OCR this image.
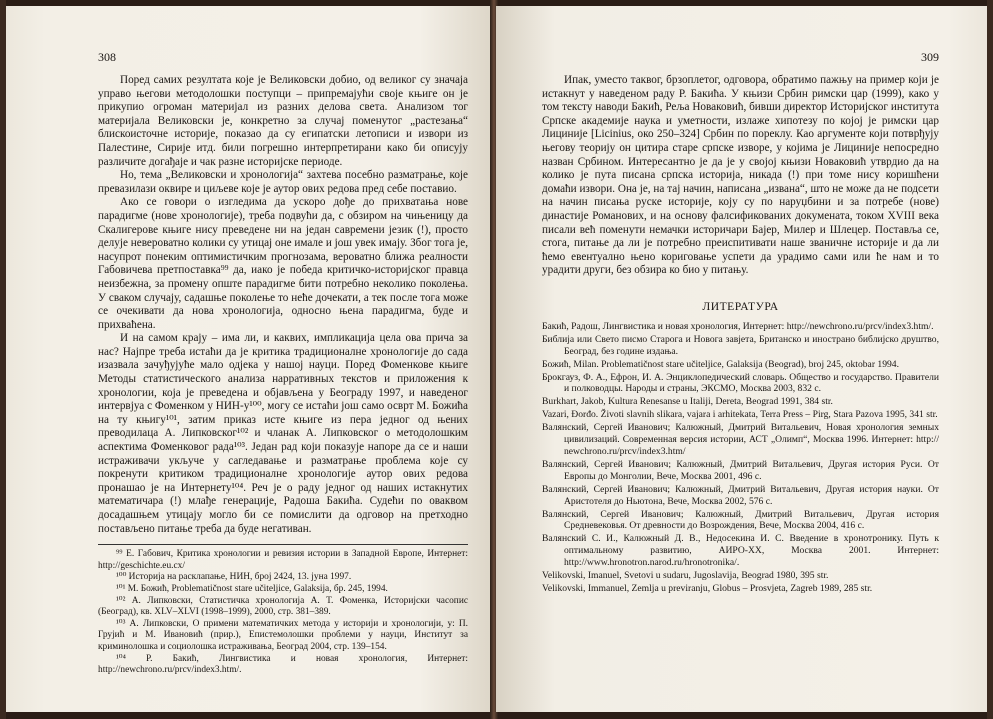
308

Поред самих резултата које је Великовски добио, од великог су значаја управо његови методолошки поступци – припремајући своје књиге он је прикупио огроман материјал из разних делова света. Анализом тог материјала Великовски је, конкретно за случај поменутог „растезања“ блискоисточне историје, показао да су египатски летописи и извори из Палестине, Сирије итд. били погрешно интерпретирани како би описују различите догађаје и чак разне историјске периоде.

Но, тема „Великовски и хронологија“ захтева посебно разматрање, које превазилази оквире и циљеве које је аутор ових редова пред себе поставио.

Ако се говори о изгледима да ускоро дође до прихватања нове парадигме (нове хронологије), треба подвући да, с обзиром на чињеницу да Скалигерове књиге нису преведене ни на један савремени језик (!), просто делује невероватно колики су утицај оне имале и још увек имају. Због тога је, насупрот понеким оптимистичким прогнозама, вероватно ближа реалности Габовичева претпоставка⁹⁹ да, иако је победа критичко-историјског правца неизбежна, за промену опште парадигме бити потребно неколико поколења. У сваком случају, садашње поколење то неће дочекати, а тек после тога може се очекивати да нова хронологија, односно њена парадигма, буде и прихваћена.

И на самом крају – има ли, и каквих, импликација цела ова прича за нас? Најпре треба истаћи да је критика традиционалне хронологије до сада изазвала зачуђујуће мало одјека у нашој науци. Поред Фоменкове књиге Методы статистического анализа нарративных текстов и приложения к хронологии, која је преведена и објављена у Београду 1997, и наведеног интервјуа с Фоменком у НИН-у¹⁰⁰, могу се истаћи још само осврт М. Божића на ту књигу¹⁰¹, затим приказ исте књиге из пера једног од њених преводилаца А. Липковског¹⁰² и чланак А. Липковског о методолошким аспектима Фоменковог рада¹⁰³. Један рад који показује напоре да се и наши истраживачи укључе у сагледавање и разматрање проблема које су покренути критиком традиционалне хронологије аутор ових редова пронашао је на Интернету¹⁰⁴. Реч је о раду једног од наших истакнутих математичара (!) млађе генерације, Радоша Бакића. Судећи по оваквом досадашњем утицају могло би се помислити да одговор на претходно постављено питање треба да буде негативан.

⁹⁹ Е. Габович, Критика хронологии и ревизия истории в Западной Европе, Интернет: http://geschichte.eu.cx/

¹⁰⁰ Историја на расклапање, НИН, број 2424, 13. јуна 1997.

¹⁰¹ М. Божић, Problematičnost stare učiteljice, Galaksija, бр. 245, 1994.

¹⁰² А. Липковски, Статистичка хронологија А. Т. Фоменка, Историјски часопис (Београд), кв. XLV–XLVI (1998–1999), 2000, стр. 381–389.

¹⁰³ А. Липковски, О примени математичких метода у историји и хронологији, у: П. Грујић и М. Ивановић (прир.), Епистемолошки проблеми у науци, Институт за криминолошка и социолошка истраживања, Београд 2004, стр. 139–154.

¹⁰⁴ Р. Бакић, Лингвистика и новая хронология, Интернет: http://newchrono.ru/prcv/index3.htm/.

309

Ипак, уместо таквог, брзоплетог, одговора, обратимо пажњу на пример који је истакнут у наведеном раду Р. Бакића. У књизи Србин римски цар (1999), како у том тексту наводи Бакић, Реља Новаковић, бивши директор Историјског института Српске академије наука и уметности, излаже хипотезу по којој је римски цар Лициније [Licinius, око 250–324] Србин по пореклу. Као аргументе који потврђују његову теорију он цитира старе српске изворе, у којима је Лициније непосредно назван Србином. Интересантно је да је у својој књизи Новаковић утврдио да на колико је пута писана српска историја, никада (!) при томе нису коришћени домаћи извори. Она је, на тај начин, написана „извана“, што не може да не подсети на начин писања руске историје, коју су по наруџбини и за потребе (нове) династије Романових, и на основу фалсификованих докумената, током XVIII века писали већ поменути немачки историчари Бајер, Милер и Шлецер. Поставља се, стога, питање да ли је потребно преиспитивати наше званичне историје и да ли ћемо евентуално њено кориговање успети да урадимо сами или ће нам и то урадити други, без обзира ко био у питању.

ЛИТЕРАТУРА

Бакић, Радош, Лингвистика и новая хронология, Интернет: http://newchrono.ru/prcv/index3.htm/.

Библија или Свето писмо Старога и Новога завјета, Британско и иностранo библијско друштво, Београд, без године издања.

Божић, Milan. Problematičnost stare učiteljice, Galaksija (Beograd), broj 245, oktobar 1994.

Брокгауз, Ф. А., Ефрон, И. А. Энциклопедический словарь. Общество и государство. Правители и полководцы. Народы и страны, ЭКСМО, Москва 2003, 832 с.

Burkhart, Jakob, Kultura Renesanse u Italiji, Dereta, Beograd 1991, 384 str.

Vazari, Đorđo. Životi slavnih slikara, vajara i arhitekata, Terra Press – Pirg, Stara Pazova 1995, 341 str.

Валянский, Сергей Иванович; Калюжный, Дмитрий Витальевич, Новая хронология земных цивилизаций. Современная версия истории, АСТ „Олимп“, Москва 1996. Интернет: http:// newchrono.ru/prcv/index3.htm/

Валянский, Сергей Иванович; Калюжный, Дмитрий Витальевич, Другая история Руси. От Европы до Монголии, Вече, Москва 2001, 496 с.

Валянский, Сергей Иванович; Калюжный, Дмитрий Витальевич, Другая история науки. От Аристотеля до Ньютона, Вече, Москва 2002, 576 с.

Валянский, Сергей Иванович; Калюжный, Дмитрий Витальевич, Другая история Средневековья. От древности до Возрождения, Вече, Москва 2004, 416 с.

Валянский С. И., Калюжный Д. В., Недосекина И. С. Введение в хронотронику. Путь к оптимальному развитию, АИРО-XX, Москва 2001. Интернет: http://www.hronotron.narod.ru/hronotronika/.

Velikovski, Imanuel, Svetovi u sudaru, Jugoslavija, Beograd 1980, 395 str.

Velikovski, Immanuel, Zemlja u previranju, Globus – Prosvjeta, Zagreb 1989, 285 str.
